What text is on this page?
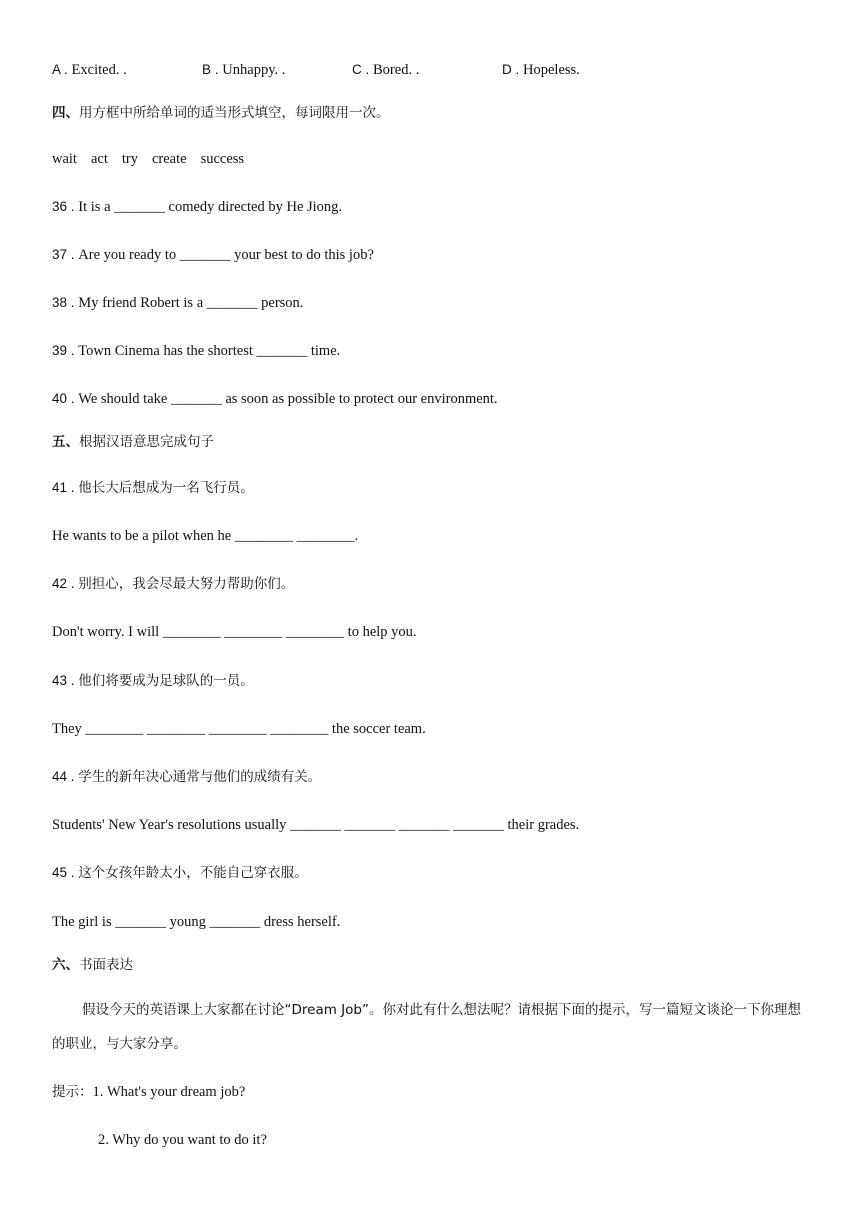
A . Excited. .	B . Unhappy. .	C . Bored. .	D . Hopeless.
四、用方框中所给单词的适当形式填空，每词限用一次。
wait act try create success
36 . It is a _______ comedy directed by He Jiong.
37 . Are you ready to _______ your best to do this job?
38 . My friend Robert is a _______ person.
39 . Town Cinema has the shortest _______ time.
40 . We should take _______ as soon as possible to protect our environment.
五、根据汉语意思完成句子
41 . 他长大后想成为一名飞行员。
He wants to be a pilot when he ________ ________.
42 . 别担心，我会尽最大努力帮助你们。
Don't worry. I will ________ ________ ________ to help you.
43 . 他们将要成为足球队的一员。
They ________ ________ ________ ________ the soccer team.
44 . 学生的新年决心通常与他们的成绩有关。
Students' New Year's resolutions usually _______ _______ _______ _______ their grades.
45 . 这个女孩年龄太小，不能自己穿衣服。
The girl is _______ young _______ dress herself.
六、书面表达
假设今天的英语课上大家都在讨论“Dream Job”。你对此有什么想法呢？请根据下面的提示，写一篇短文谈论一下你理想的职业，与大家分享。
提示：1. What's your dream job?
2. Why do you want to do it?
